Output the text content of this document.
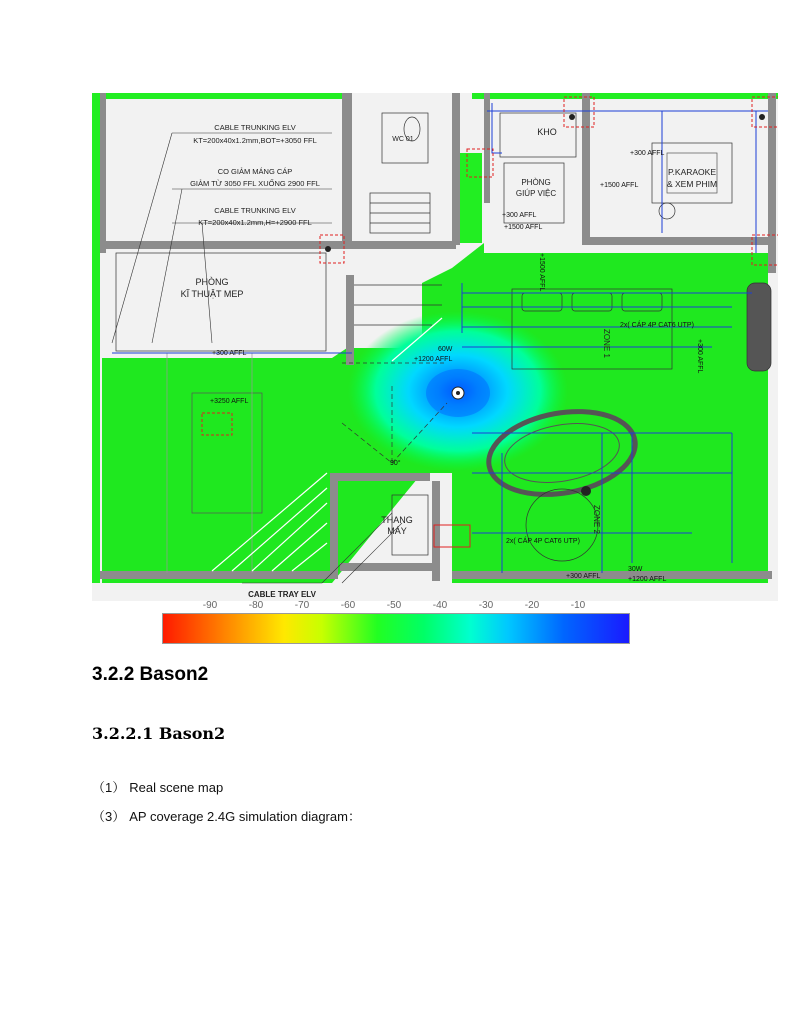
CABLE TRUNKING ELV
KT=200x40x1.2mm,BOT=+3050 FFL
CO GIẢM MÁNG CÁP
GIẢM TỪ 3050 FFL XUỐNG 2900 FFL
CABLE TRUNKING ELV
KT=200x40x1.2mm,H=+2900 FFL
WC 01
KHO
PHÒNG
GIÚP VIỆC
P.KARAOKE
& XEM PHIM
PHÒNG
KĨ THUẬT MEP
THANG
MÁY
ZONE 1
ZONE 2
+300 AFFL
+1500 AFFL
+300 AFFL
+1500 AFFL
+300 AFFL
+3250 AFFL
+1500 AFFL
+300 AFFL
60W
+1200 AFFL
2x( CÁP 4P CAT6 UTP)
2x( CÁP 4P CAT6 UTP)
+300 AFFL
30W
+1200 AFFL
90°
CABLE TRAY ELV
-90	-80	-70	-60	-50	-40	-30	-20	-10
3.2.2 Bason2
3.2.2.1 Bason2
（1） Real scene map
（3） AP coverage 2.4G simulation diagram：
